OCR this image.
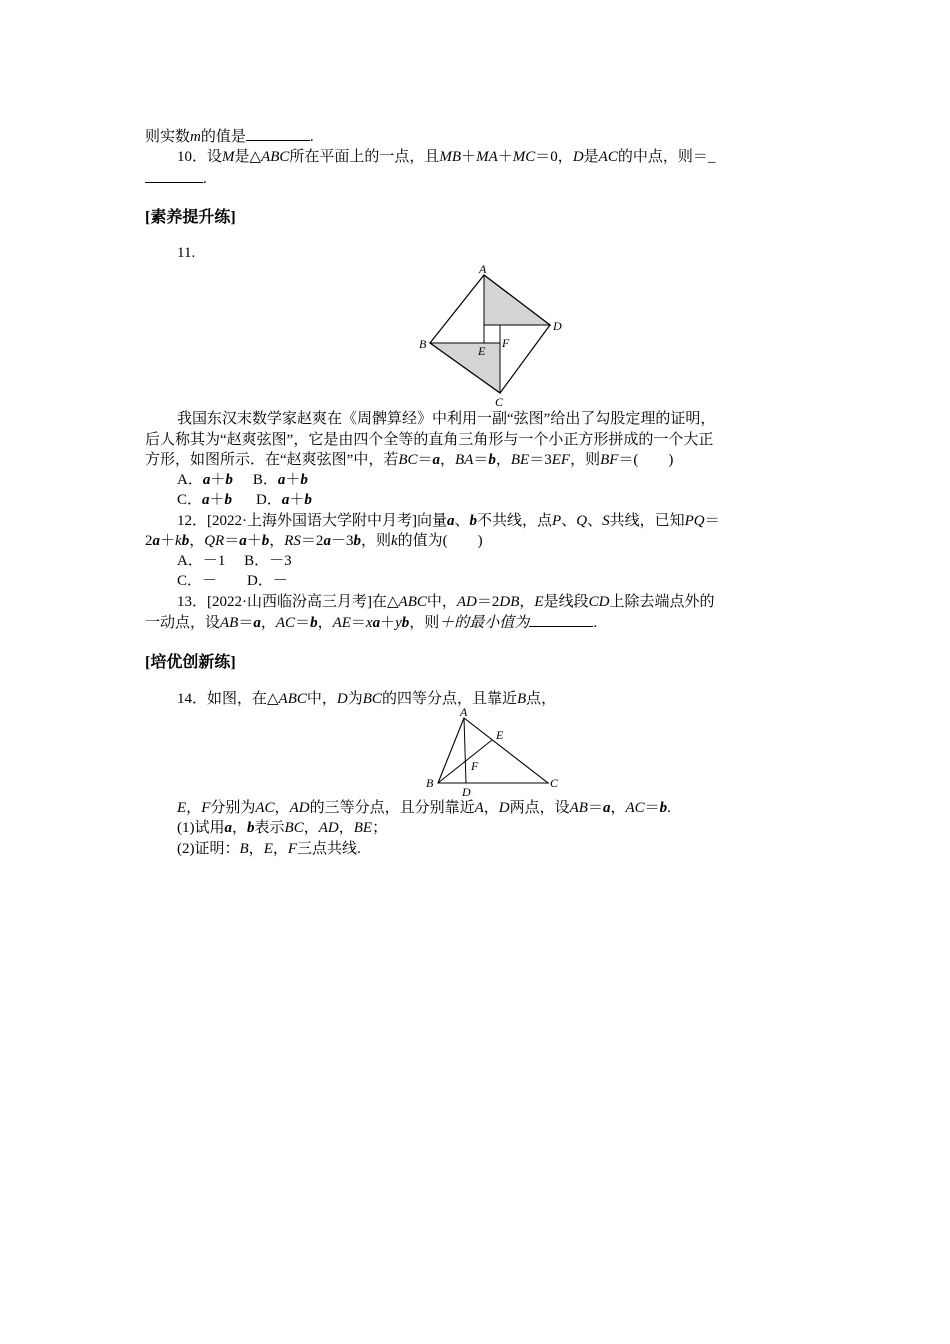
则实数m的值是	.
10．设M是△ABC所在平面上的一点，且MB＋MA＋MC＝0，D是AC的中点，则＝_
.
[素养提升练]
11.
A
D
B	E
F
C
我国东汉末数学家赵爽在《周髀算经》中利用一副“弦图”给出了勾股定理的证明，
后人称其为“赵爽弦图”，它是由四个全等的直角三角形与一个小正方形拼成的一个大正
方形，如图所示．在“赵爽弦图”中，若BC＝a，BA＝b，BE＝3EF，则BF＝(　　)
A．a＋b B．a＋b
C．a＋b D．a＋b
12．[2022·上海外国语大学附中月考]向量a、b不共线，点P、Q、S共线，已知PQ＝
2a＋kb，QR＝a＋b，RS＝2a－3b，则k的值为(　　)
A．－1　 B．－3
C．－　　D．－
13．[2022·山西临汾高三月考]在△ABC中，AD＝2DB，E是线段CD上除去端点外的
一动点，设AB＝a，AC＝b，AE＝xa＋yb，则＋的最小值为	.
[培优创新练]
14．如图，在△ABC中，D为BC的四等分点，且靠近B点，
A
E
F
B
D
C
E，F分别为AC，AD的三等分点，且分别靠近A，D两点，设AB＝a，AC＝b.
(1)试用a，b表示BC，AD，BE；
(2)证明：B，E，F三点共线.
